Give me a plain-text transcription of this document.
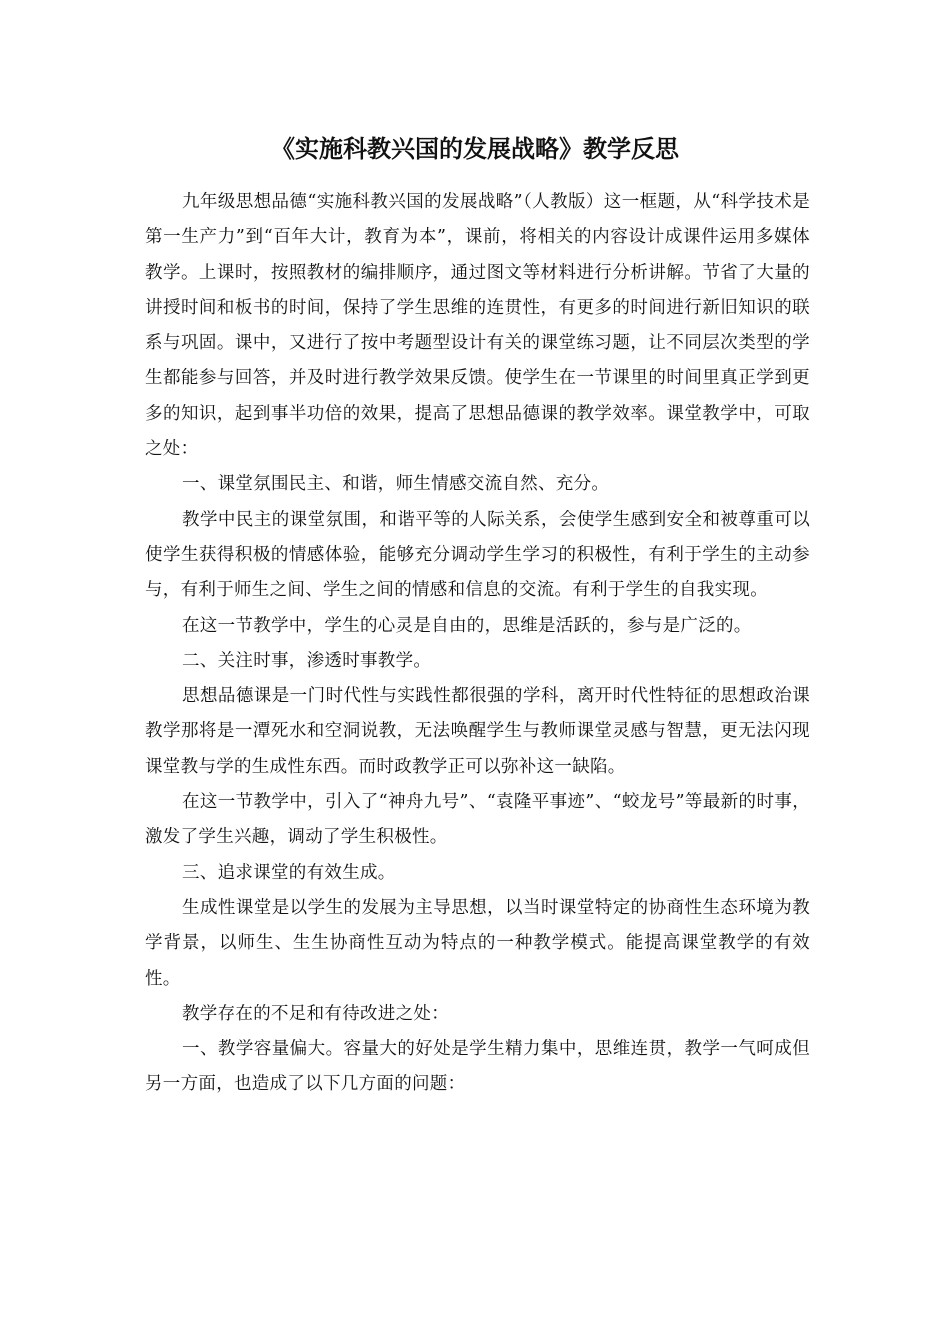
《实施科教兴国的发展战略》教学反思

九年级思想品德“实施科教兴国的发展战略”（人教版）这一框题，从“科学技术是第一生产力”到“百年大计，教育为本”，课前，将相关的内容设计成课件运用多媒体教学。上课时，按照教材的编排顺序，通过图文等材料进行分析讲解。节省了大量的讲授时间和板书的时间，保持了学生思维的连贯性，有更多的时间进行新旧知识的联系与巩固。课中，又进行了按中考题型设计有关的课堂练习题，让不同层次类型的学生都能参与回答，并及时进行教学效果反馈。使学生在一节课里的时间里真正学到更多的知识，起到事半功倍的效果，提高了思想品德课的教学效率。课堂教学中，可取之处：

一、课堂氛围民主、和谐，师生情感交流自然、充分。

教学中民主的课堂氛围，和谐平等的人际关系，会使学生感到安全和被尊重可以使学生获得积极的情感体验，能够充分调动学生学习的积极性，有利于学生的主动参与，有利于师生之间、学生之间的情感和信息的交流。有利于学生的自我实现。

在这一节教学中，学生的心灵是自由的，思维是活跃的，参与是广泛的。

二、关注时事，渗透时事教学。

思想品德课是一门时代性与实践性都很强的学科，离开时代性特征的思想政治课教学那将是一潭死水和空洞说教，无法唤醒学生与教师课堂灵感与智慧，更无法闪现课堂教与学的生成性东西。而时政教学正可以弥补这一缺陷。

在这一节教学中，引入了“神舟九号”、“袁隆平事迹”、“蛟龙号”等最新的时事，激发了学生兴趣，调动了学生积极性。

三、追求课堂的有效生成。

生成性课堂是以学生的发展为主导思想，以当时课堂特定的协商性生态环境为教学背景，以师生、生生协商性互动为特点的一种教学模式。能提高课堂教学的有效性。

教学存在的不足和有待改进之处：

一、教学容量偏大。容量大的好处是学生精力集中，思维连贯，教学一气呵成但另一方面，也造成了以下几方面的问题：
